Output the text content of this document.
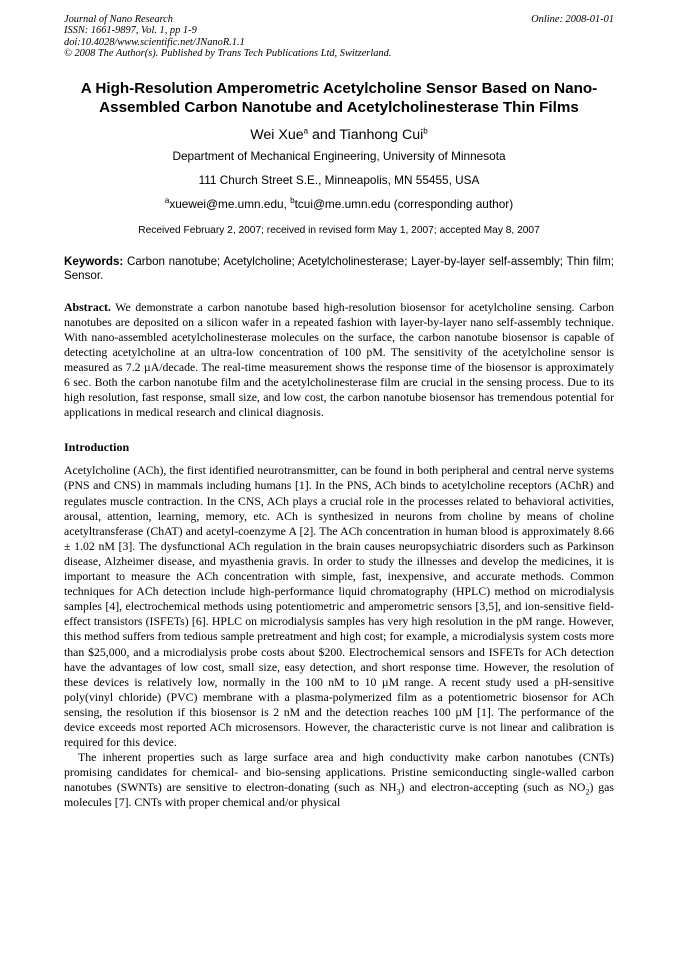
Journal of Nano Research
ISSN: 1661-9897, Vol. 1, pp 1-9
doi:10.4028/www.scientific.net/JNanoR.1.1
© 2008 The Author(s). Published by Trans Tech Publications Ltd, Switzerland.
Online: 2008-01-01
A High-Resolution Amperometric Acetylcholine Sensor Based on Nano-Assembled Carbon Nanotube and Acetylcholinesterase Thin Films
Wei Xue$^a$ and Tianhong Cui$^b$
Department of Mechanical Engineering, University of Minnesota
111 Church Street S.E., Minneapolis, MN 55455, USA
$^a$xuewei@me.umn.edu, $^b$tcui@me.umn.edu (corresponding author)
Received February 2, 2007; received in revised form May 1, 2007; accepted May 8, 2007
Keywords: Carbon nanotube; Acetylcholine; Acetylcholinesterase; Layer-by-layer self-assembly; Thin film; Sensor.
Abstract. We demonstrate a carbon nanotube based high-resolution biosensor for acetylcholine sensing. Carbon nanotubes are deposited on a silicon wafer in a repeated fashion with layer-by-layer nano self-assembly technique. With nano-assembled acetylcholinesterase molecules on the surface, the carbon nanotube biosensor is capable of detecting acetylcholine at an ultra-low concentration of 100 pM. The sensitivity of the acetylcholine sensor is measured as 7.2 µA/decade. The real-time measurement shows the response time of the biosensor is approximately 6 sec. Both the carbon nanotube film and the acetylcholinesterase film are crucial in the sensing process. Due to its high resolution, fast response, small size, and low cost, the carbon nanotube biosensor has tremendous potential for applications in medical research and clinical diagnosis.
Introduction
Acetylcholine (ACh), the first identified neurotransmitter, can be found in both peripheral and central nerve systems (PNS and CNS) in mammals including humans [1]. In the PNS, ACh binds to acetylcholine receptors (AChR) and regulates muscle contraction. In the CNS, ACh plays a crucial role in the processes related to behavioral activities, arousal, attention, learning, memory, etc. ACh is synthesized in neurons from choline by means of choline acetyltransferase (ChAT) and acetyl-coenzyme A [2]. The ACh concentration in human blood is approximately 8.66 ± 1.02 nM [3]. The dysfunctional ACh regulation in the brain causes neuropsychiatric disorders such as Parkinson disease, Alzheimer disease, and myasthenia gravis. In order to study the illnesses and develop the medicines, it is important to measure the ACh concentration with simple, fast, inexpensive, and accurate methods. Common techniques for ACh detection include high-performance liquid chromatography (HPLC) method on microdialysis samples [4], electrochemical methods using potentiometric and amperometric sensors [3,5], and ion-sensitive field-effect transistors (ISFETs) [6]. HPLC on microdialysis samples has very high resolution in the pM range. However, this method suffers from tedious sample pretreatment and high cost; for example, a microdialysis system costs more than $25,000, and a microdialysis probe costs about $200. Electrochemical sensors and ISFETs for ACh detection have the advantages of low cost, small size, easy detection, and short response time. However, the resolution of these devices is relatively low, normally in the 100 nM to 10 µM range. A recent study used a pH-sensitive poly(vinyl chloride) (PVC) membrane with a plasma-polymerized film as a potentiometric biosensor for ACh sensing, the resolution if this biosensor is 2 nM and the detection reaches 100 µM [1]. The performance of the device exceeds most reported ACh microsensors. However, the characteristic curve is not linear and calibration is required for this device.
The inherent properties such as large surface area and high conductivity make carbon nanotubes (CNTs) promising candidates for chemical- and bio-sensing applications. Pristine semiconducting single-walled carbon nanotubes (SWNTs) are sensitive to electron-donating (such as $NH_3$) and electron-accepting (such as $NO_2$) gas molecules [7]. CNTs with proper chemical and/or physical
